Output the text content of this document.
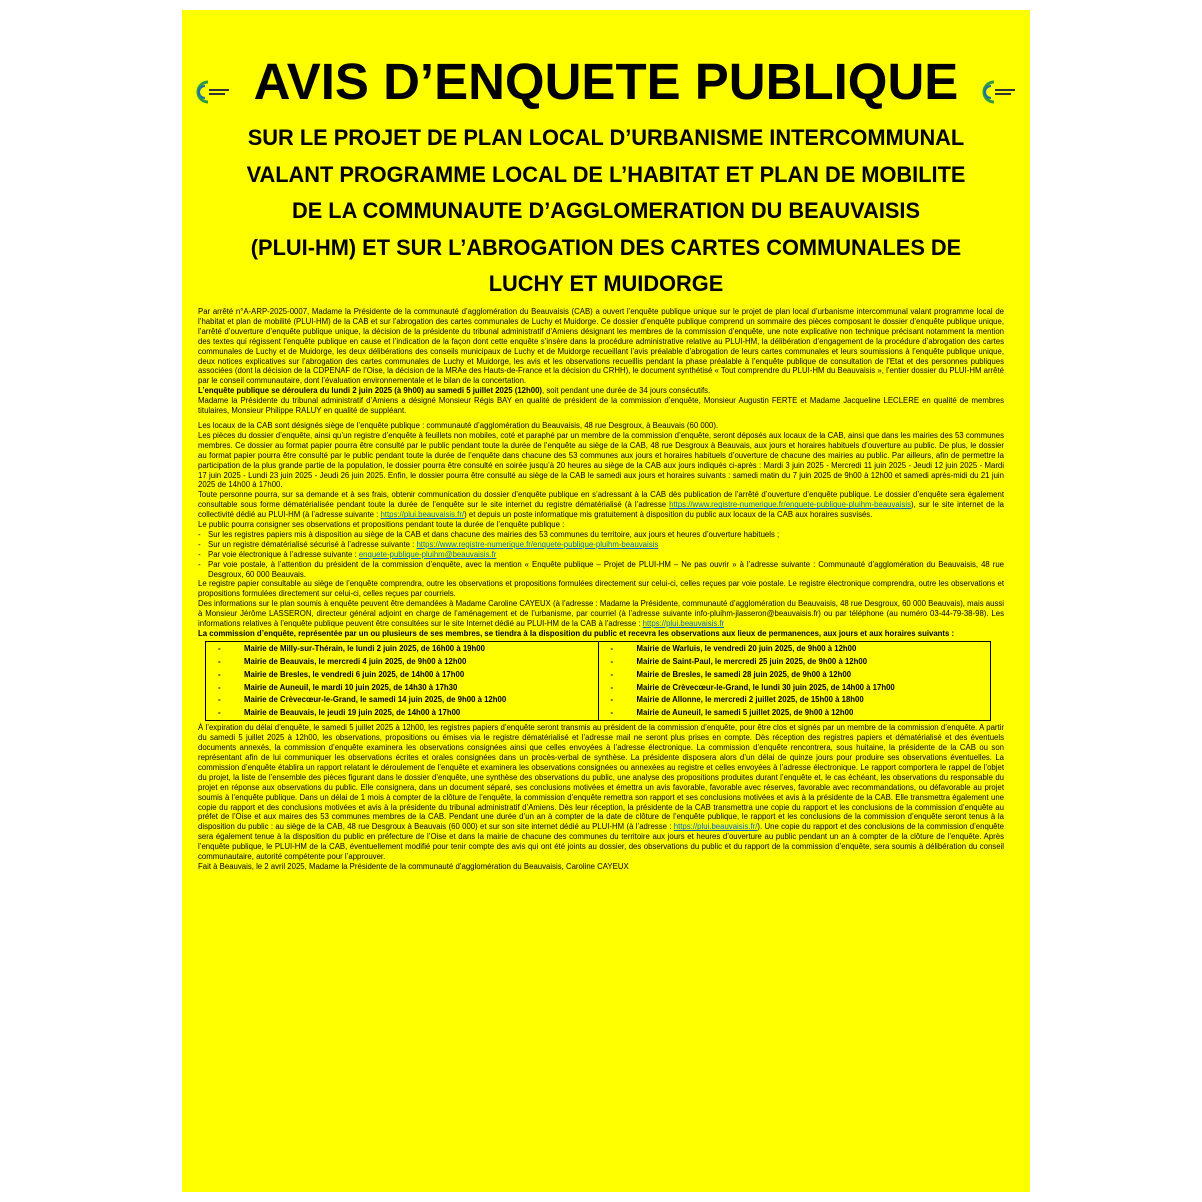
AVIS D’ENQUETE PUBLIQUE
SUR LE PROJET DE PLAN LOCAL D’URBANISME INTERCOMMUNAL
VALANT PROGRAMME LOCAL DE L’HABITAT ET PLAN DE MOBILITE
DE LA COMMUNAUTE D’AGGLOMERATION DU BEAUVAISIS
(PLUI-HM) ET SUR L’ABROGATION DES CARTES COMMUNALES DE
LUCHY ET MUIDORGE

Par arrêté n°A-ARP-2025-0007, Madame la Présidente de la communauté d’agglomération du Beauvaisis (CAB) a ouvert l’enquête publique unique sur le projet de plan local d’urbanisme intercommunal valant programme local de l’habitat et plan de mobilité (PLUI-HM) de la CAB et sur l’abrogation des cartes communales de Luchy et Muidorge. Ce dossier d’enquête publique comprend un sommaire des pièces composant le dossier d’enquête publique unique, l’arrêté d’ouverture d’enquête publique unique, la décision de la présidente du tribunal administratif d’Amiens désignant les membres de la commission d’enquête, une note explicative non technique précisant notamment la mention des textes qui régissent l’enquête publique en cause et l’indication de la façon dont cette enquête s’insère dans la procédure administrative relative au PLUI-HM, la délibération d’engagement de la procédure d’abrogation des cartes communales de Luchy et de Muidorge, les deux délibérations des conseils municipaux de Luchy et de Muidorge recueillant l’avis préalable d’abrogation de leurs cartes communales et leurs soumissions à l’enquête publique unique, deux notices explicatives sur l’abrogation des cartes communales de Luchy et Muidorge, les avis et les observations recueillis pendant la phase préalable à l’enquête publique de consultation de l’Etat et des personnes publiques associées (dont la décision de la CDPENAF de l’Oise, la décision de la MRAe des Hauts-de-France et la décision du CRHH), le document synthétisé « Tout comprendre du PLUI-HM du Beauvaisis », l’entier dossier du PLUI-HM arrêté par le conseil communautaire, dont l’évaluation environnementale et le bilan de la concertation.

L’enquête publique se déroulera du lundi 2 juin 2025 (à 9h00) au samedi 5 juillet 2025 (12h00), soit pendant une durée de 34 jours consécutifs.

Madame la Présidente du tribunal administratif d’Amiens a désigné Monsieur Régis BAY en qualité de président de la commission d’enquête, Monsieur Augustin FERTE et Madame Jacqueline LECLERE en qualité de membres titulaires, Monsieur Philippe RALUY en qualité de suppléant.

Les locaux de la CAB sont désignés siège de l’enquête publique : communauté d’agglomération du Beauvaisis, 48 rue Desgroux, à Beauvais (60 000).

Les pièces du dossier d’enquête, ainsi qu’un registre d’enquête à feuillets non mobiles, coté et paraphé par un membre de la commission d’enquête, seront déposés aux locaux de la CAB, ainsi que dans les mairies des 53 communes membres. Ce dossier au format papier pourra être consulté par le public pendant toute la durée de l’enquête au siège de la CAB, 48 rue Desgroux à Beauvais, aux jours et horaires habituels d’ouverture au public. De plus, le dossier au format papier pourra être consulté par le public pendant toute la durée de l’enquête dans chacune des 53 communes aux jours et horaires habituels d’ouverture de chacune des mairies au public. Par ailleurs, afin de permettre la participation de la plus grande partie de la population, le dossier pourra être consulté en soirée jusqu’à 20 heures au siège de la CAB aux jours indiqués ci-après : Mardi 3 juin 2025 - Mercredi 11 juin 2025 - Jeudi 12 juin 2025 - Mardi 17 juin 2025 - Lundi 23 juin 2025 - Jeudi 26 juin 2025. Enfin, le dossier pourra être consulté au siège de la CAB le samedi aux jours et horaires suivants : samedi matin du 7 juin 2025 de 9h00 à 12h00 et samedi après-midi du 21 juin 2025 de 14h00 à 17h00.

Toute personne pourra, sur sa demande et à ses frais, obtenir communication du dossier d’enquête publique en s’adressant à la CAB dès publication de l’arrêté d’ouverture d’enquête publique. Le dossier d’enquête sera également consultable sous forme dématérialisée pendant toute la durée de l’enquête sur le site internet du registre dématérialisé (à l’adresse https://www.registre-numerique.fr/enquete-publique-pluihm-beauvaisis), sur le site internet de la collectivité dédié au PLUI-HM (à l’adresse suivante : https://plui.beauvaisis.fr/) et depuis un poste informatique mis gratuitement à disposition du public aux locaux de la CAB aux horaires susvisés.

Le public pourra consigner ses observations et propositions pendant toute la durée de l’enquête publique :

- Sur les registres papiers mis à disposition au siège de la CAB et dans chacune des mairies des 53 communes du territoire, aux jours et heures d’ouverture habituels ;
- Sur un registre dématérialisé sécurisé à l’adresse suivante : https://www.registre-numerique.fr/enquete-publique-pluihm-beauvaisis
- Par voie électronique à l’adresse suivante : enquete-publique-pluihm@beauvaisis.fr
- Par voie postale, à l’attention du président de la commission d’enquête, avec la mention « Enquête publique – Projet de PLUI-HM – Ne pas ouvrir » à l’adresse suivante : Communauté d’agglomération du Beauvaisis, 48 rue Desgroux, 60 000 Beauvais.

Le registre papier consultable au siège de l’enquête comprendra, outre les observations et propositions formulées directement sur celui-ci, celles reçues par voie postale. Le registre électronique comprendra, outre les observations et propositions formulées directement sur celui-ci, celles reçues par courriels.

Des informations sur le plan soumis à enquête peuvent être demandées à Madame Caroline CAYEUX (à l’adresse : Madame la Présidente, communauté d’agglomération du Beauvaisis, 48 rue Desgroux, 60 000 Beauvais), mais aussi à Monsieur Jérôme LASSERON, directeur général adjoint en charge de l’aménagement et de l’urbanisme, par courriel (à l’adresse suivante info-pluihm-jlasseron@beauvaisis.fr) ou par téléphone (au numéro 03-44-79-38-98). Les informations relatives à l’enquête publique peuvent être consultées sur le site Internet dédié au PLUI-HM de la CAB à l’adresse : https://plui.beauvaisis.fr

La commission d’enquête, représentée par un ou plusieurs de ses membres, se tiendra à la disposition du public et recevra les observations aux lieux de permanences, aux jours et aux horaires suivants :

- Mairie de Milly-sur-Thérain, le lundi 2 juin 2025, de 16h00 à 19h00
- Mairie de Beauvais, le mercredi 4 juin 2025, de 9h00 à 12h00
- Mairie de Bresles, le vendredi 6 juin 2025, de 14h00 à 17h00
- Mairie de Auneuil, le mardi 10 juin 2025, de 14h30 à 17h30
- Mairie de Crèvecœur-le-Grand, le samedi 14 juin 2025, de 9h00 à 12h00
- Mairie de Beauvais, le jeudi 19 juin 2025, de 14h00 à 17h00

- Mairie de Warluis, le vendredi 20 juin 2025, de 9h00 à 12h00
- Mairie de Saint-Paul, le mercredi 25 juin 2025, de 9h00 à 12h00
- Mairie de Bresles, le samedi 28 juin 2025, de 9h00 à 12h00
- Mairie de Crèvecœur-le-Grand, le lundi 30 juin 2025, de 14h00 à 17h00
- Mairie de Allonne, le mercredi 2 juillet 2025, de 15h00 à 18h00
- Mairie de Auneuil, le samedi 5 juillet 2025, de 9h00 à 12h00

À l’expiration du délai d’enquête, le samedi 5 juillet 2025 à 12h00, les registres papiers d’enquête seront transmis au président de la commission d’enquête, pour être clos et signés par un membre de la commission d’enquête. A partir du samedi 5 juillet 2025 à 12h00, les observations, propositions ou émises via le registre dématérialisé et l’adresse mail ne seront plus prises en compte. Dès réception des registres papiers et dématérialisé et des éventuels documents annexés, la commission d’enquête examinera les observations consignées ainsi que celles envoyées à l’adresse électronique. La commission d’enquête rencontrera, sous huitaine, la présidente de la CAB ou son représentant afin de lui communiquer les observations écrites et orales consignées dans un procès-verbal de synthèse. La présidente disposera alors d’un délai de quinze jours pour produire ses observations éventuelles. La commission d’enquête établira un rapport relatant le déroulement de l’enquête et examinera les observations consignées ou annexées au registre et celles envoyées à l’adresse électronique. Le rapport comportera le rappel de l’objet du projet, la liste de l’ensemble des pièces figurant dans le dossier d’enquête, une synthèse des observations du public, une analyse des propositions produites durant l’enquête et, le cas échéant, les observations du responsable du projet en réponse aux observations du public. Elle consignera, dans un document séparé, ses conclusions motivées et émettra un avis favorable, favorable avec réserves, favorable avec recommandations, ou défavorable au projet soumis à l’enquête publique. Dans un délai de 1 mois à compter de la clôture de l’enquête, la commission d’enquête remettra son rapport et ses conclusions motivées et avis à la présidente de la CAB. Elle transmettra également une copie du rapport et des conclusions motivées et avis à la présidente du tribunal administratif d’Amiens. Dès leur réception, la présidente de la CAB transmettra une copie du rapport et les conclusions de la commission d’enquête au préfet de l’Oise et aux maires des 53 communes membres de la CAB. Pendant une durée d’un an à compter de la date de clôture de l’enquête publique, le rapport et les conclusions de la commission d’enquête seront tenus à la disposition du public : au siège de la CAB, 48 rue Desgroux à Beauvais (60 000) et sur son site internet dédié au PLUI-HM (à l’adresse : https://plui.beauvaisis.fr/). Une copie du rapport et des conclusions de la commission d’enquête sera également tenue à la disposition du public en préfecture de l’Oise et dans la mairie de chacune des communes du territoire aux jours et heures d’ouverture au public pendant un an à compter de la clôture de l’enquête. Après l’enquête publique, le PLUI-HM de la CAB, éventuellement modifié pour tenir compte des avis qui ont été joints au dossier, des observations du public et du rapport de la commission d’enquête, sera soumis à délibération du conseil communautaire, autorité compétente pour l’approuver.

Fait à Beauvais, le 2 avril 2025, Madame la Présidente de la communauté d’agglomération du Beauvaisis, Caroline CAYEUX
